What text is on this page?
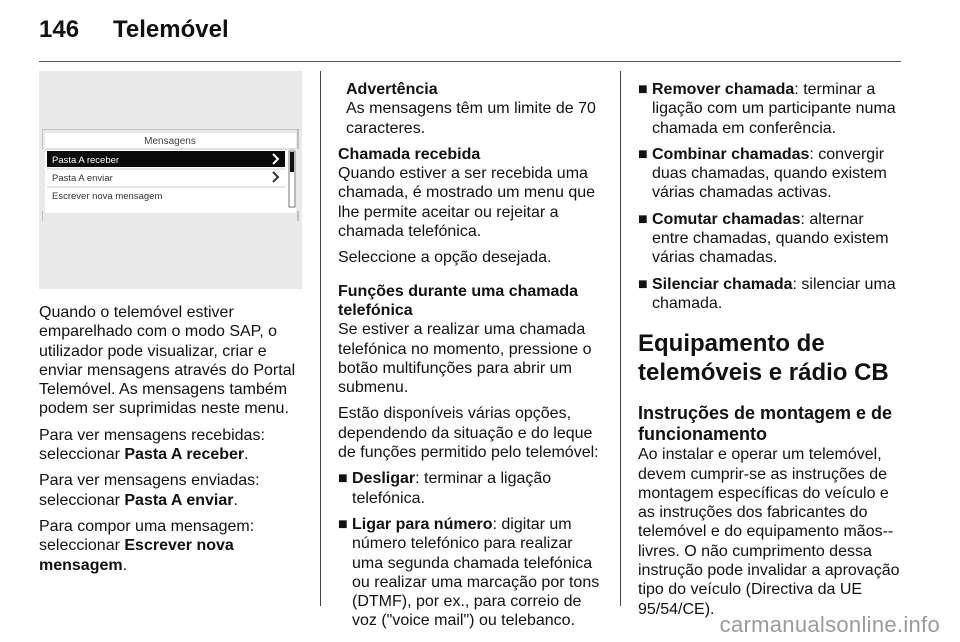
146 Telemóvel
Mensagens
Pasta A receber
Pasta A enviar
Escrever nova mensagem

Quando o telemóvel estiver emparelhado com o modo SAP, o utilizador pode visualizar, criar e enviar mensagens através do Portal Telemóvel. As mensagens também podem ser suprimidas neste menu.

Para ver mensagens recebidas: seleccionar Pasta A receber.

Para ver mensagens enviadas: seleccionar Pasta A enviar.

Para compor uma mensagem: seleccionar Escrever nova mensagem.

Advertência
As mensagens têm um limite de 70 caracteres.
Chamada recebida

Quando estiver a ser recebida uma chamada, é mostrado um menu que lhe permite aceitar ou rejeitar a chamada telefónica.

Seleccione a opção desejada.

Funções durante uma chamada telefónica

Se estiver a realizar uma chamada telefónica no momento, pressione o botão multifunções para abrir um submenu.

Estão disponíveis várias opções, dependendo da situação e do leque de funções permitido pelo telemóvel:

■ Desligar: terminar a ligação telefónica.
■ Ligar para número: digitar um número telefónico para realizar uma segunda chamada telefónica ou realizar uma marcação por tons (DTMF), por ex., para correio de voz ("voice mail") ou telebanco.
■ Remover chamada: terminar a ligação com um participante numa chamada em conferência.
■ Combinar chamadas: convergir duas chamadas, quando existem várias chamadas activas.
■ Comutar chamadas: alternar entre chamadas, quando existem várias chamadas.
■ Silenciar chamada: silenciar uma chamada.
Equipamento de telemóveis e rádio CB
Instruções de montagem e de funcionamento

Ao instalar e operar um telemóvel, devem cumprir-se as instruções de montagem específicas do veículo e as instruções dos fabricantes do telemóvel e do equipamento mãos--livres. O não cumprimento dessa instrução pode invalidar a aprovação tipo do veículo (Directiva da UE 95/54/CE).

carmanualsonline.info
